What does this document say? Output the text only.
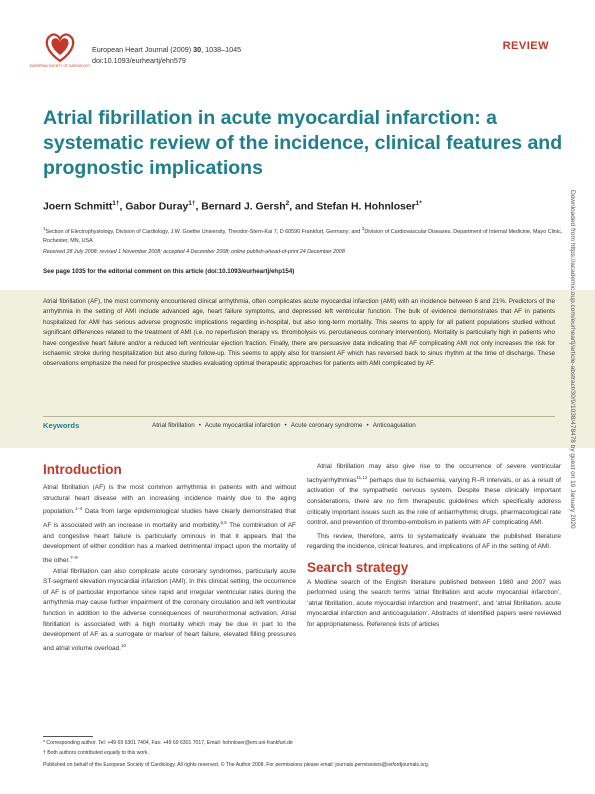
EUROPEAN SOCIETY OF CARDIOLOGY
European Heart Journal (2009) 30, 1038–1045
doi:10.1093/eurheartj/ehn579
REVIEW
Atrial fibrillation in acute myocardial infarction: a systematic review of the incidence, clinical features and prognostic implications
Joern Schmitt$^{1\dagger}$, Gabor Duray$^{1\dagger}$, Bernard J. Gersh$^2$, and Stefan H. Hohnloser$^{1*}$
$^1$Section of Electrophysiology, Division of Cardiology, J.W. Goethe University, Theodor-Stern-Kai 7, D 60590 Frankfurt, Germany; and $^2$Division of Cardiovascular Diseases, Department of Internal Medicine, Mayo Clinic, Rochester, MN, USA
Received 28 July 2008; revised 1 November 2008; accepted 4 December 2008; online publish-ahead-of-print 24 December 2008
See page 1035 for the editorial comment on this article (doi:10.1093/eurheartj/ehp154)
Atrial fibrillation (AF), the most commonly encountered clinical arrhythmia, often complicates acute myocardial infarction (AMI) with an incidence between 6 and 21%. Predictors of the arrhythmia in the setting of AMI include advanced age, heart failure symptoms, and depressed left ventricular function. The bulk of evidence demonstrates that AF in patients hospitalized for AMI has serious adverse prognostic implications regarding in-hospital, but also long-term mortality. This seems to apply for all patient populations studied without significant differences related to the treatment of AMI (i.e. no reperfusion therapy vs. thrombolysis vs. percutaneous coronary intervention). Mortality is particularly high in patients who have congestive heart failure and/or a reduced left ventricular ejection fraction. Finally, there are persuasive data indicating that AF complicating AMI not only increases the risk for ischaemic stroke during hospitalization but also during follow-up. This seems to apply also for transient AF which has reversed back to sinus rhythm at the time of discharge. These observations emphasize the need for prospective studies evaluating optimal therapeutic approaches for patients with AMI complicated by AF.
Keywords	Atrial fibrillation • Acute myocardial infarction • Acute coronary syndrome • Anticoagulation
Introduction

Atrial fibrillation (AF) is the most common arrhythmia in patients with and without structural heart disease with an increasing incidence mainly due to the aging population.$^{1-4}$ Data from large epidemiological studies have clearly demonstrated that AF is associated with an increase in mortality and morbidity.$^{5,6}$ The combination of AF and congestive heart failure is particularly ominous in that it appears that the development of either condition has a marked detrimental impact upon the mortality of the other.$^{7-9}$

Atrial fibrillation can also complicate acute coronary syndromes, particularly acute ST-segment elevation myocardial infarction (AMI). In this clinical setting, the occurrence of AF is of particular importance since rapid and irregular ventricular rates during the arrhythmia may cause further impairment of the coronary circulation and left ventricular function in addition to the adverse consequences of neurohormonal activation. Atrial fibrillation is associated with a high mortality which may be due in part to the development of AF as a surrogate or marker of heart failure, elevated filling pressures and atrial volume overload.$^{10}$

Atrial fibrillation may also give rise to the occurrence of severe ventricular tachyarrhythmias$^{11,12}$ perhaps due to ischaemia, varying R–R intervals, or as a result of activation of the sympathetic nervous system. Despite these clinically important considerations, there are no firm therapeutic guidelines which specifically address critically important issues such as the role of antiarrhythmic drugs, pharmacological rate control, and prevention of thrombo-embolism in patients with AF complicating AMI.

This review, therefore, aims to systematically evaluate the published literature regarding the incidence, clinical features, and implications of AF in the setting of AMI.

Search strategy

A Medline search of the English literature published between 1980 and 2007 was performed using the search terms ‘atrial fibrillation and acute myocardial infarction’, ‘atrial fibrillation, acute myocardial infarction and treatment’, and ‘atrial fibrillation, acute myocardial infarction and anticoagulation’. Abstracts of identified papers were reviewed for appropriateness. Reference lists of articles

* Corresponding author. Tel: +49 69 6301 7404, Fax: +49 69 6301 7017, Email: hohnloser@em.uni-frankfurt.de
† Both authors contributed equally to this work.
Published on behalf of the European Society of Cardiology. All rights reserved. © The Author 2008. For permissions please email: journals.permissions@oxfordjournals.org.
Downloaded from https://academic.oup.com/eurheartj/article-abstract/30/9/1038/478478 by guest on 19 January 2020
